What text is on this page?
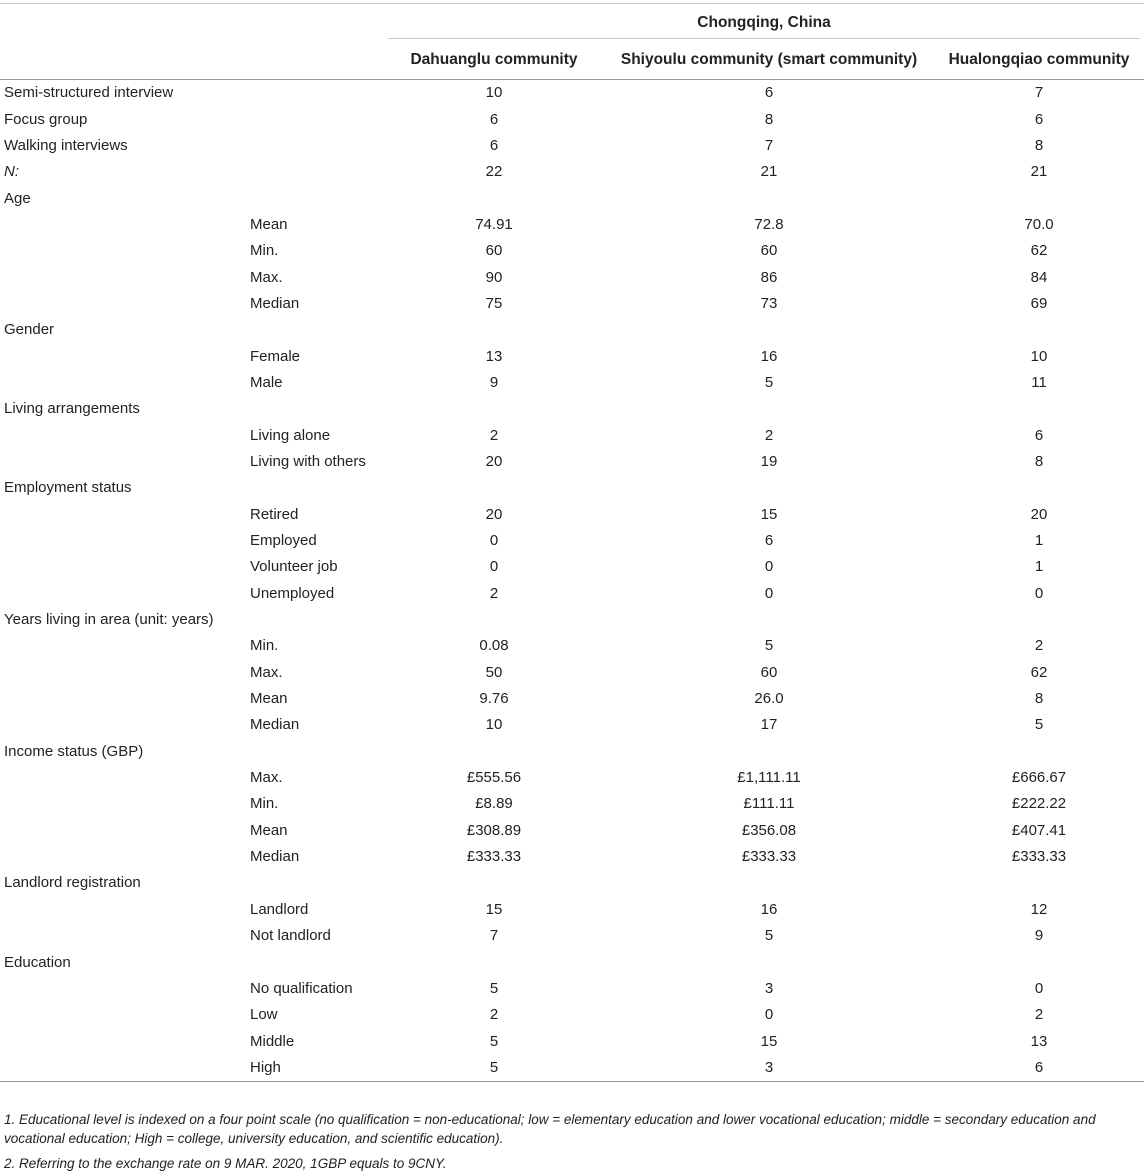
		Chongqing, China		

		Dahuanglu community	Shiyoulu community (smart community)	Hualongqiao community
Semi-structured interview		10	6	7
Focus group		6	8	6
Walking interviews		6	7	8
N:		22	21	21
Age				
	Mean	74.91	72.8	70.0
	Min.	60	60	62
	Max.	90	86	84
	Median	75	73	69
Gender				
	Female	13	16	10
	Male	9	5	11
Living arrangements				
	Living alone	2	2	6
	Living with others	20	19	8
Employment status				
	Retired	20	15	20
	Employed	0	6	1
	Volunteer job	0	0	1
	Unemployed	2	0	0
Years living in area (unit: years)				
	Min.	0.08	5	2
	Max.	50	60	62
	Mean	9.76	26.0	8
	Median	10	17	5
Income status (GBP)				
	Max.	£555.56	£1,111.11	£666.67
	Min.	£8.89	£111.11	£222.22
	Mean	£308.89	£356.08	£407.41
	Median	£333.33	£333.33	£333.33
Landlord registration				
	Landlord	15	16	12
	Not landlord	7	5	9
Education				
	No qualification	5	3	0
	Low	2	0	2
	Middle	5	15	13
	High	5	3	6

1. Educational level is indexed on a four point scale (no qualification = non-educational; low = elementary education and lower vocational education; middle = secondary education and vocational education; High = college, university education, and scientific education).

2. Referring to the exchange rate on 9 MAR. 2020, 1GBP equals to 9CNY.
